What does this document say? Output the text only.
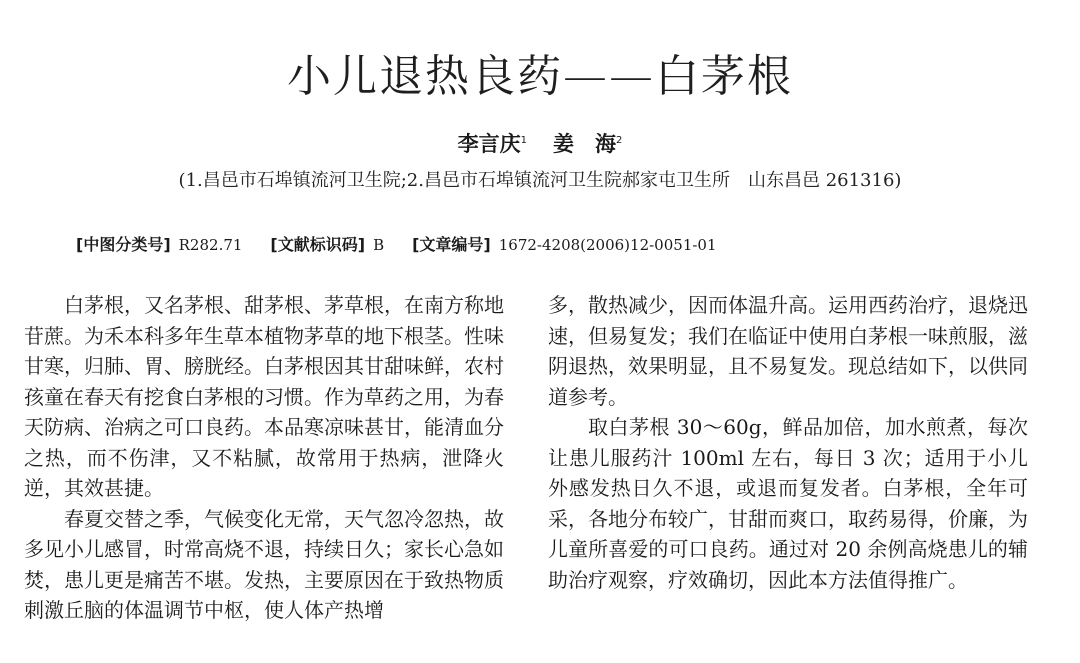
小儿退热良药——白茅根
李言庆$^1$ 姜　海$^2$
(1.昌邑市石埠镇流河卫生院;2.昌邑市石埠镇流河卫生院郝家屯卫生所　山东昌邑 261316)
[中图分类号] R282.71 [文献标识码] B [文章编号] 1672-4208(2006)12-0051-01

白茅根，又名茅根、甜茅根、茅草根，在南方称地苷蔗。为禾本科多年生草本植物茅草的地下根茎。性味甘寒，归肺、胃、膀胱经。白茅根因其甘甜味鲜，农村孩童在春天有挖食白茅根的习惯。作为草药之用，为春天防病、治病之可口良药。本品寒凉味甚甘，能清血分之热，而不伤津，又不粘腻，故常用于热病，泄降火逆，其效甚捷。

春夏交替之季，气候变化无常，天气忽冷忽热，故多见小儿感冒，时常高烧不退，持续日久；家长心急如焚，患儿更是痛苦不堪。发热，主要原因在于致热物质刺激丘脑的体温调节中枢，使人体产热增

多，散热减少，因而体温升高。运用西药治疗，退烧迅速，但易复发；我们在临证中使用白茅根一味煎服，滋阴退热，效果明显，且不易复发。现总结如下，以供同道参考。

取白茅根 30～60g，鲜品加倍，加水煎煮，每次让患儿服药汁 100ml 左右，每日 3 次；适用于小儿外感发热日久不退，或退而复发者。白茅根，全年可采，各地分布较广，甘甜而爽口，取药易得，价廉，为儿童所喜爱的可口良药。通过对 20 余例高烧患儿的辅助治疗观察，疗效确切，因此本方法值得推广。
